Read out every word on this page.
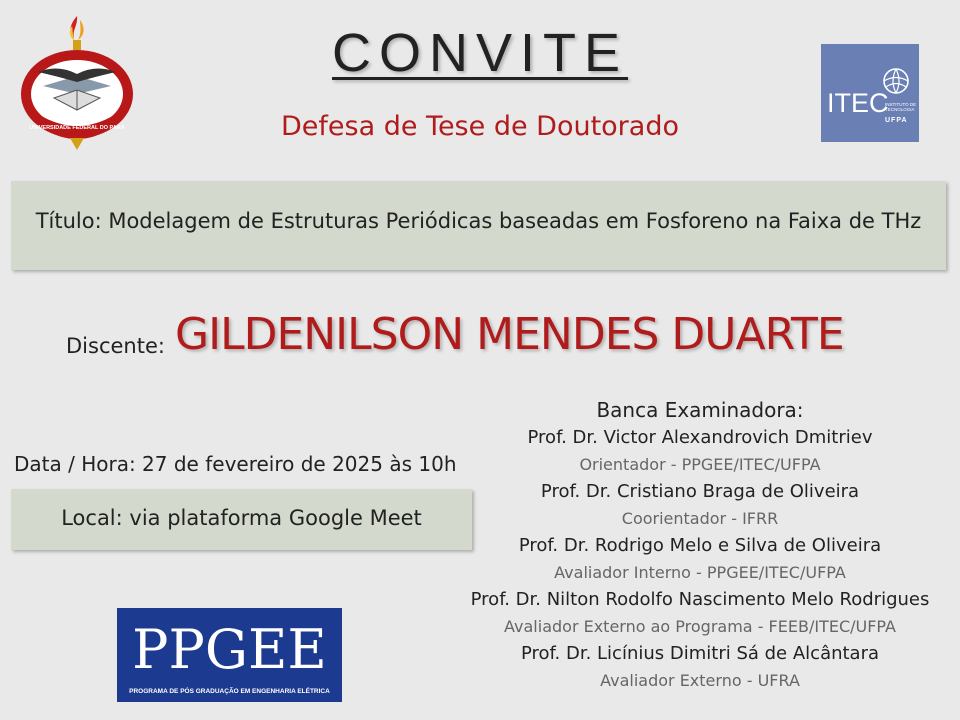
UNIVERSIDADE FEDERAL DO PARÁ
CONVITE
Defesa de Tese de Doutorado
ITEC
INSTITUTO DE TECNOLOGIA
UFPA
Título: Modelagem de Estruturas Periódicas baseadas em Fosforeno na Faixa de THz
Discente: GILDENILSON MENDES DUARTE
Data / Hora: 27 de fevereiro de 2025 às 10h
Local: via plataforma Google Meet
PPGEE
PROGRAMA DE PÓS GRADUAÇÃO EM ENGENHARIA ELÉTRICA
Banca Examinadora:
Prof. Dr. Victor Alexandrovich Dmitriev
Orientador - PPGEE/ITEC/UFPA
Prof. Dr. Cristiano Braga de Oliveira
Coorientador - IFRR
Prof. Dr. Rodrigo Melo e Silva de Oliveira
Avaliador Interno - PPGEE/ITEC/UFPA
Prof. Dr. Nilton Rodolfo Nascimento Melo Rodrigues
Avaliador Externo ao Programa - FEEB/ITEC/UFPA
Prof. Dr. Licínius Dimitri Sá de Alcântara
Avaliador Externo - UFRA
